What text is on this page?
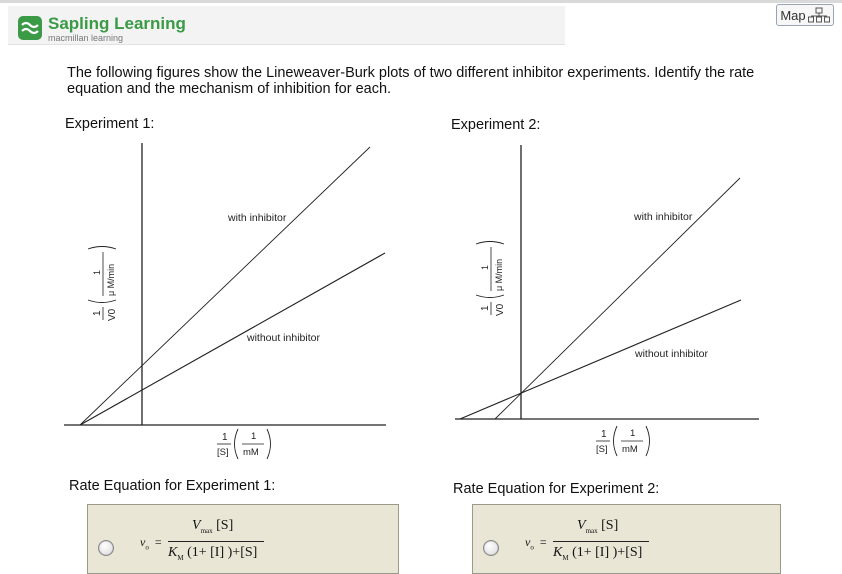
Sapling Learning
macmillan learning
Map
The following figures show the Lineweaver-Burk plots of two different inhibitor experiments. Identify the rate equation and the mechanism of inhibition for each.
Experiment 1:
with inhibitor
without inhibitor
1 V0
1 μ M/min
1
[S]
1
mM
Experiment 2:
with inhibitor
without inhibitor
1 V0
1 μ M/min
1
[S]
1
mM
Rate Equation for Experiment 1:	Rate Equation for Experiment 2:
$v_o$ =
$V_{max}$ [S]
$K_M$ (1+ [I] )+[S]
$v_o$ =
$V_{max}$ [S]
$K_M$ (1+ [I] )+[S]
